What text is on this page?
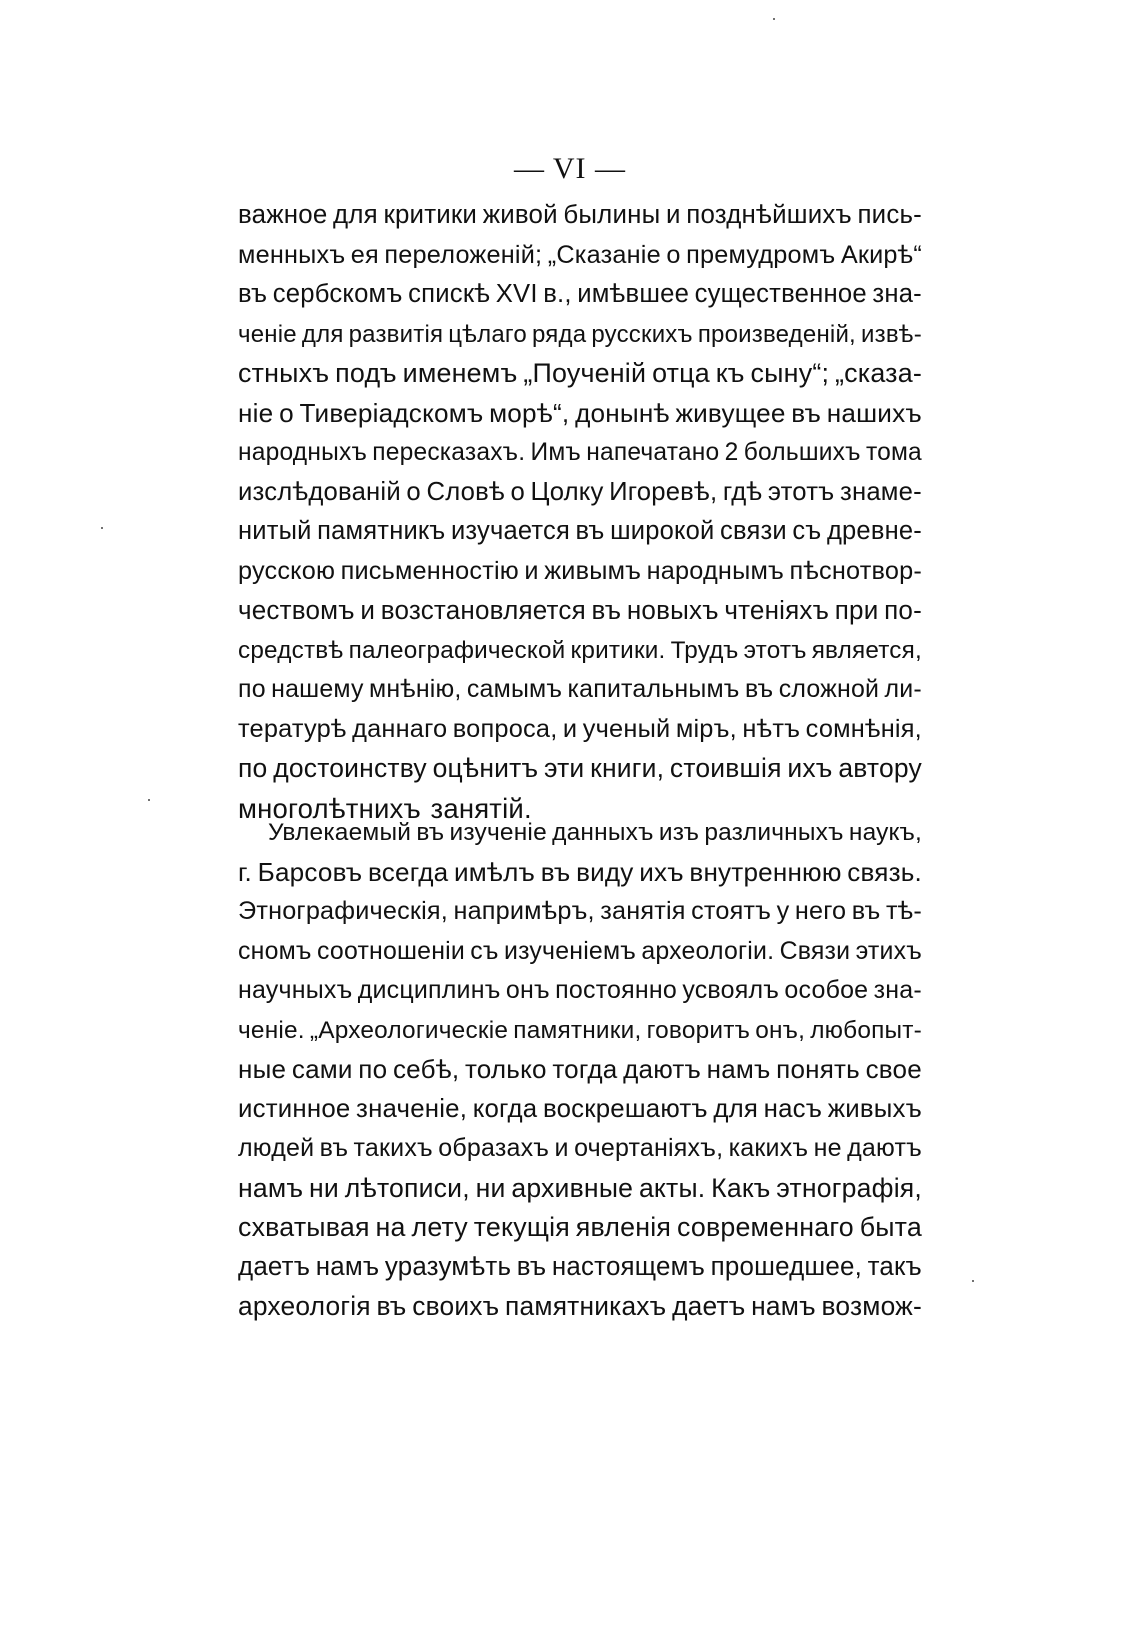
— VI —
важное для критики живой былины и позднѣйшихъ пись-
менныхъ ея переложеній; „Сказаніе о премудромъ Акирѣ“
въ сербскомъ спискѣ XVI в., имѣвшее существенное зна-
ченіе для развитія цѣлаго ряда русскихъ произведеній, извѣ-
стныхъ подъ именемъ „Поученій отца къ сыну“; „сказа-
ніе о Тиверіадскомъ морѣ“, донынѣ живущее въ нашихъ
народныхъ пересказахъ. Имъ напечатано 2 большихъ тома
изслѣдованій о Словѣ о Цолку Игоревѣ, гдѣ этотъ знаме-
нитый памятникъ изучается въ широкой связи съ древне-
русскою письменностію и живымъ народнымъ пѣснотвор-
чествомъ и возстановляется въ новыхъ чтеніяхъ при по-
средствѣ палеографической критики. Трудъ этотъ является,
по нашему мнѣнію, самымъ капитальнымъ въ сложной ли-
тературѣ даннаго вопроса, и ученый міръ, нѣтъ сомнѣнія,
по достоинству оцѣнитъ эти книги, стоившія ихъ автору
многолѣтнихъ занятій.
Увлекаемый въ изученіе данныхъ изъ различныхъ наукъ,
г. Барсовъ всегда имѣлъ въ виду ихъ внутреннюю связь.
Этнографическія, напримѣръ, занятія стоятъ у него въ тѣ-
сномъ соотношеніи съ изученіемъ археологіи. Связи этихъ
научныхъ дисциплинъ онъ постоянно усвоялъ особое зна-
ченіе. „Археологическіе памятники, говоритъ онъ, любопыт-
ные сами по себѣ, только тогда даютъ намъ понять свое
истинное значеніе, когда воскрешаютъ для насъ живыхъ
людей въ такихъ образахъ и очертаніяхъ, какихъ не даютъ
намъ ни лѣтописи, ни архивные акты. Какъ этнографія,
схватывая на лету текущія явленія современнаго быта
даетъ намъ уразумѣть въ настоящемъ прошедшее, такъ
археологія въ своихъ памятникахъ даетъ намъ возмож-
